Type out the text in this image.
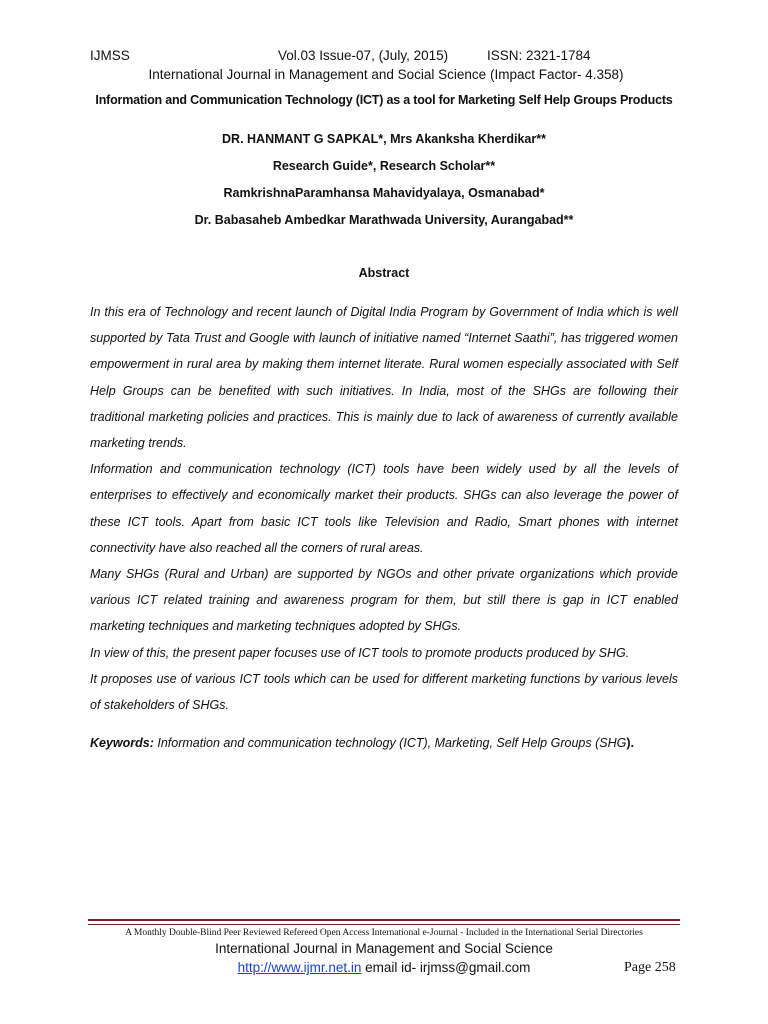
IJMSS	Vol.03 Issue-07, (July, 2015)	ISSN: 2321-1784
International Journal in Management and Social Science (Impact Factor- 4.358)
Information and Communication Technology (ICT) as a tool for Marketing Self Help Groups Products
DR. HANMANT G SAPKAL*, Mrs Akanksha Kherdikar**
Research Guide*, Research Scholar**
RamkrishnaParamhansa Mahavidyalaya, Osmanabad*
Dr. Babasaheb Ambedkar Marathwada University, Aurangabad**
Abstract

In this era of Technology and recent launch of Digital India Program by Government of India which is well supported by Tata Trust and Google with launch of initiative named “Internet Saathi”, has triggered women empowerment in rural area by making them internet literate. Rural women especially associated with Self Help Groups can be benefited with such initiatives. In India, most of the SHGs are following their traditional marketing policies and practices. This is mainly due to lack of awareness of currently available marketing trends.

Information and communication technology (ICT) tools have been widely used by all the levels of enterprises to effectively and economically market their products. SHGs can also leverage the power of these ICT tools. Apart from basic ICT tools like Television and Radio, Smart phones with internet connectivity have also reached all the corners of rural areas.

Many SHGs (Rural and Urban) are supported by NGOs and other private organizations which provide various ICT related training and awareness program for them, but still there is gap in ICT enabled marketing techniques and marketing techniques adopted by SHGs.

In view of this, the present paper focuses use of ICT tools to promote products produced by SHG.

It proposes use of various ICT tools which can be used for different marketing functions by various levels of stakeholders of SHGs.

Keywords: Information and communication technology (ICT), Marketing, Self Help Groups (SHG).
A Monthly Double-Blind Peer Reviewed Refereed Open Access International e-Journal - Included in the International Serial Directories
International Journal in Management and Social Science
http://www.ijmr.net.in email id- irjmss@gmail.com	Page 258
